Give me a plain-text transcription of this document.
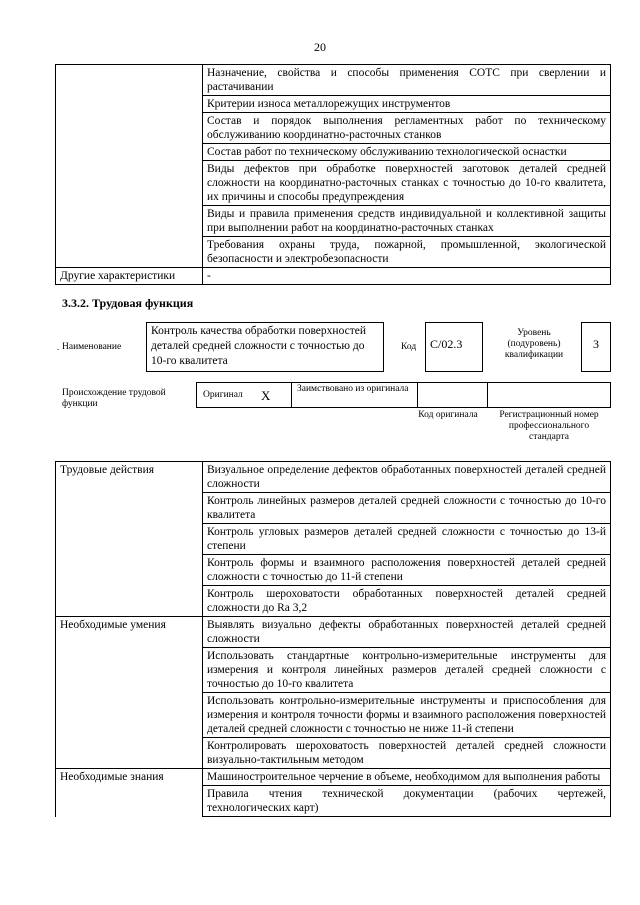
20
	Назначение, свойства и способы применения СОТС при сверлении и растачивании
	Критерии износа металлорежущих инструментов
	Состав и порядок выполнения регламентных работ по техническому обслуживанию координатно-расточных станков
	Состав работ по техническому обслуживанию технологической оснастки
	Виды дефектов при обработке поверхностей заготовок деталей средней сложности на координатно-расточных станках с точностью до 10-го квалитета, их причины и способы предупреждения
	Виды и правила применения средств индивидуальной и коллективной защиты при выполнении работ на координатно-расточных станках
	Требования охраны труда, пожарной, промышленной, экологической безопасности и электробезопасности
Другие характеристики	-
3.3.2. Трудовая функция
Наименование
Контроль качества обработки поверхностей деталей средней сложности с точностью до 10-го квалитета
Код	C/02.3
Уровень (подуровень) квалификации
3
Происхождение трудовой функции
Оригинал X	Заимствовано из оригинала
Код оригинала	Регистрационный номер профессионального стандарта
Трудовые действия	Визуальное определение дефектов обработанных поверхностей деталей средней сложности
	Контроль линейных размеров деталей средней сложности с точностью до 10-го квалитета
	Контроль угловых размеров деталей средней сложности с точностью до 13-й степени
	Контроль формы и взаимного расположения поверхностей деталей средней сложности с точностью до 11-й степени
	Контроль шероховатости обработанных поверхностей деталей средней сложности до Ra 3,2
Необходимые умения	Выявлять визуально дефекты обработанных поверхностей деталей средней сложности
	Использовать стандартные контрольно-измерительные инструменты для измерения и контроля линейных размеров деталей средней сложности с точностью до 10-го квалитета
	Использовать контрольно-измерительные инструменты и приспособления для измерения и контроля точности формы и взаимного расположения поверхностей деталей средней сложности с точностью не ниже 11-й степени
	Контролировать шероховатость поверхностей деталей средней сложности визуально-тактильным методом
Необходимые знания	Машиностроительное черчение в объеме, необходимом для выполнения работы
	Правила чтения технической документации (рабочих чертежей, технологических карт)
